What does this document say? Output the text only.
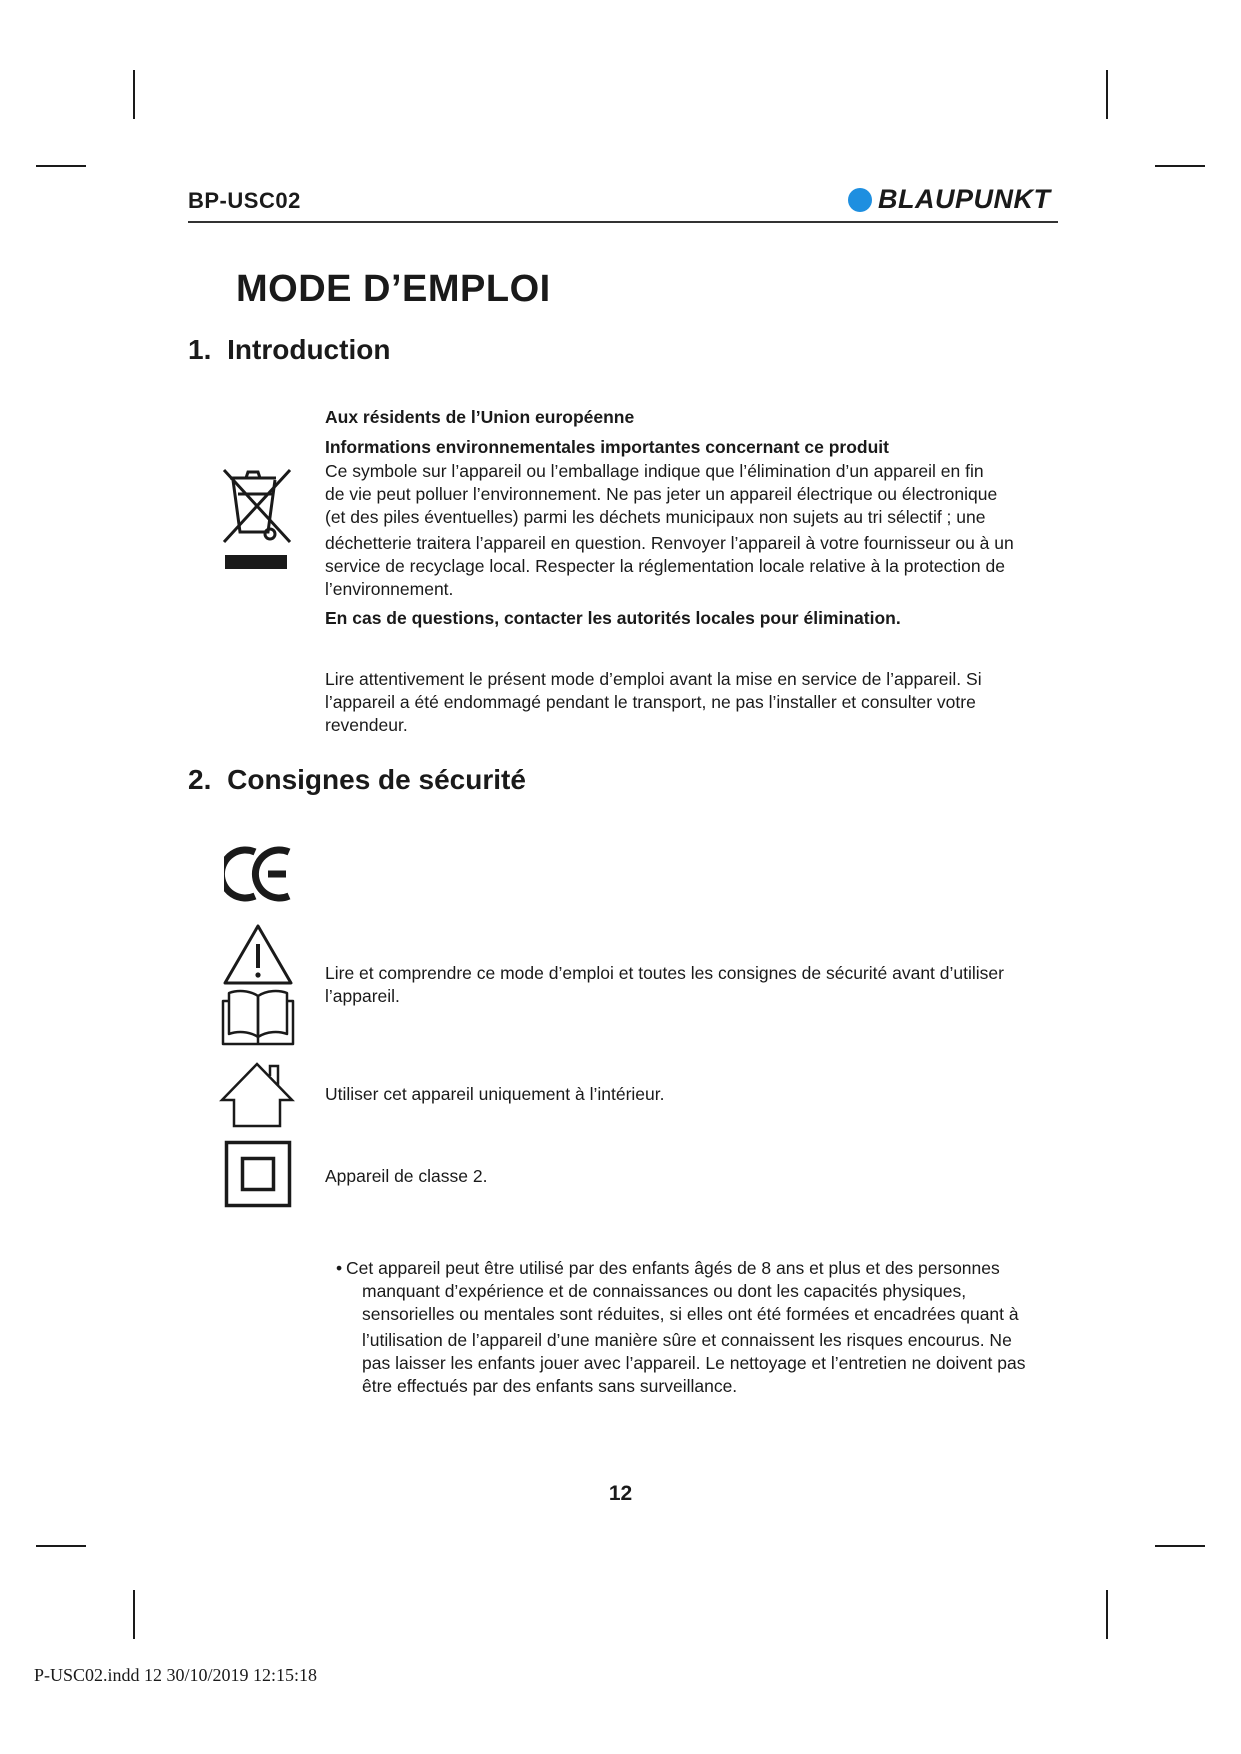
BP-USC02	BLAUPUNKT
MODE D’EMPLOI
1. Introduction
Aux résidents de l’Union européenne
Informations environnementales importantes concernant ce produit
Ce symbole sur l’appareil ou l’emballage indique que l’élimination d’un appareil en fin
de vie peut polluer l’environnement. Ne pas jeter un appareil électrique ou électronique
(et des piles éventuelles) parmi les déchets municipaux non sujets au tri sélectif ; une
déchetterie traitera l’appareil en question. Renvoyer l’appareil à votre fournisseur ou à un
service de recyclage local. Respecter la réglementation locale relative à la protection de
l’environnement.
En cas de questions, contacter les autorités locales pour élimination.
Lire attentivement le présent mode d’emploi avant la mise en service de l’appareil. Si
l’appareil a été endommagé pendant le transport, ne pas l’installer et consulter votre
revendeur.
2. Consignes de sécurité
Lire et comprendre ce mode d’emploi et toutes les consignes de sécurité avant d’utiliser
l’appareil.
Utiliser cet appareil uniquement à l’intérieur.
Appareil de classe 2.
• Cet appareil peut être utilisé par des enfants âgés de 8 ans et plus et des personnes
manquant d’expérience et de connaissances ou dont les capacités physiques,
sensorielles ou mentales sont réduites, si elles ont été formées et encadrées quant à
l’utilisation de l’appareil d’une manière sûre et connaissent les risques encourus. Ne
pas laisser les enfants jouer avec l’appareil. Le nettoyage et l’entretien ne doivent pas
être effectués par des enfants sans surveillance.
12
P-USC02.indd 12 30/10/2019 12:15:18
